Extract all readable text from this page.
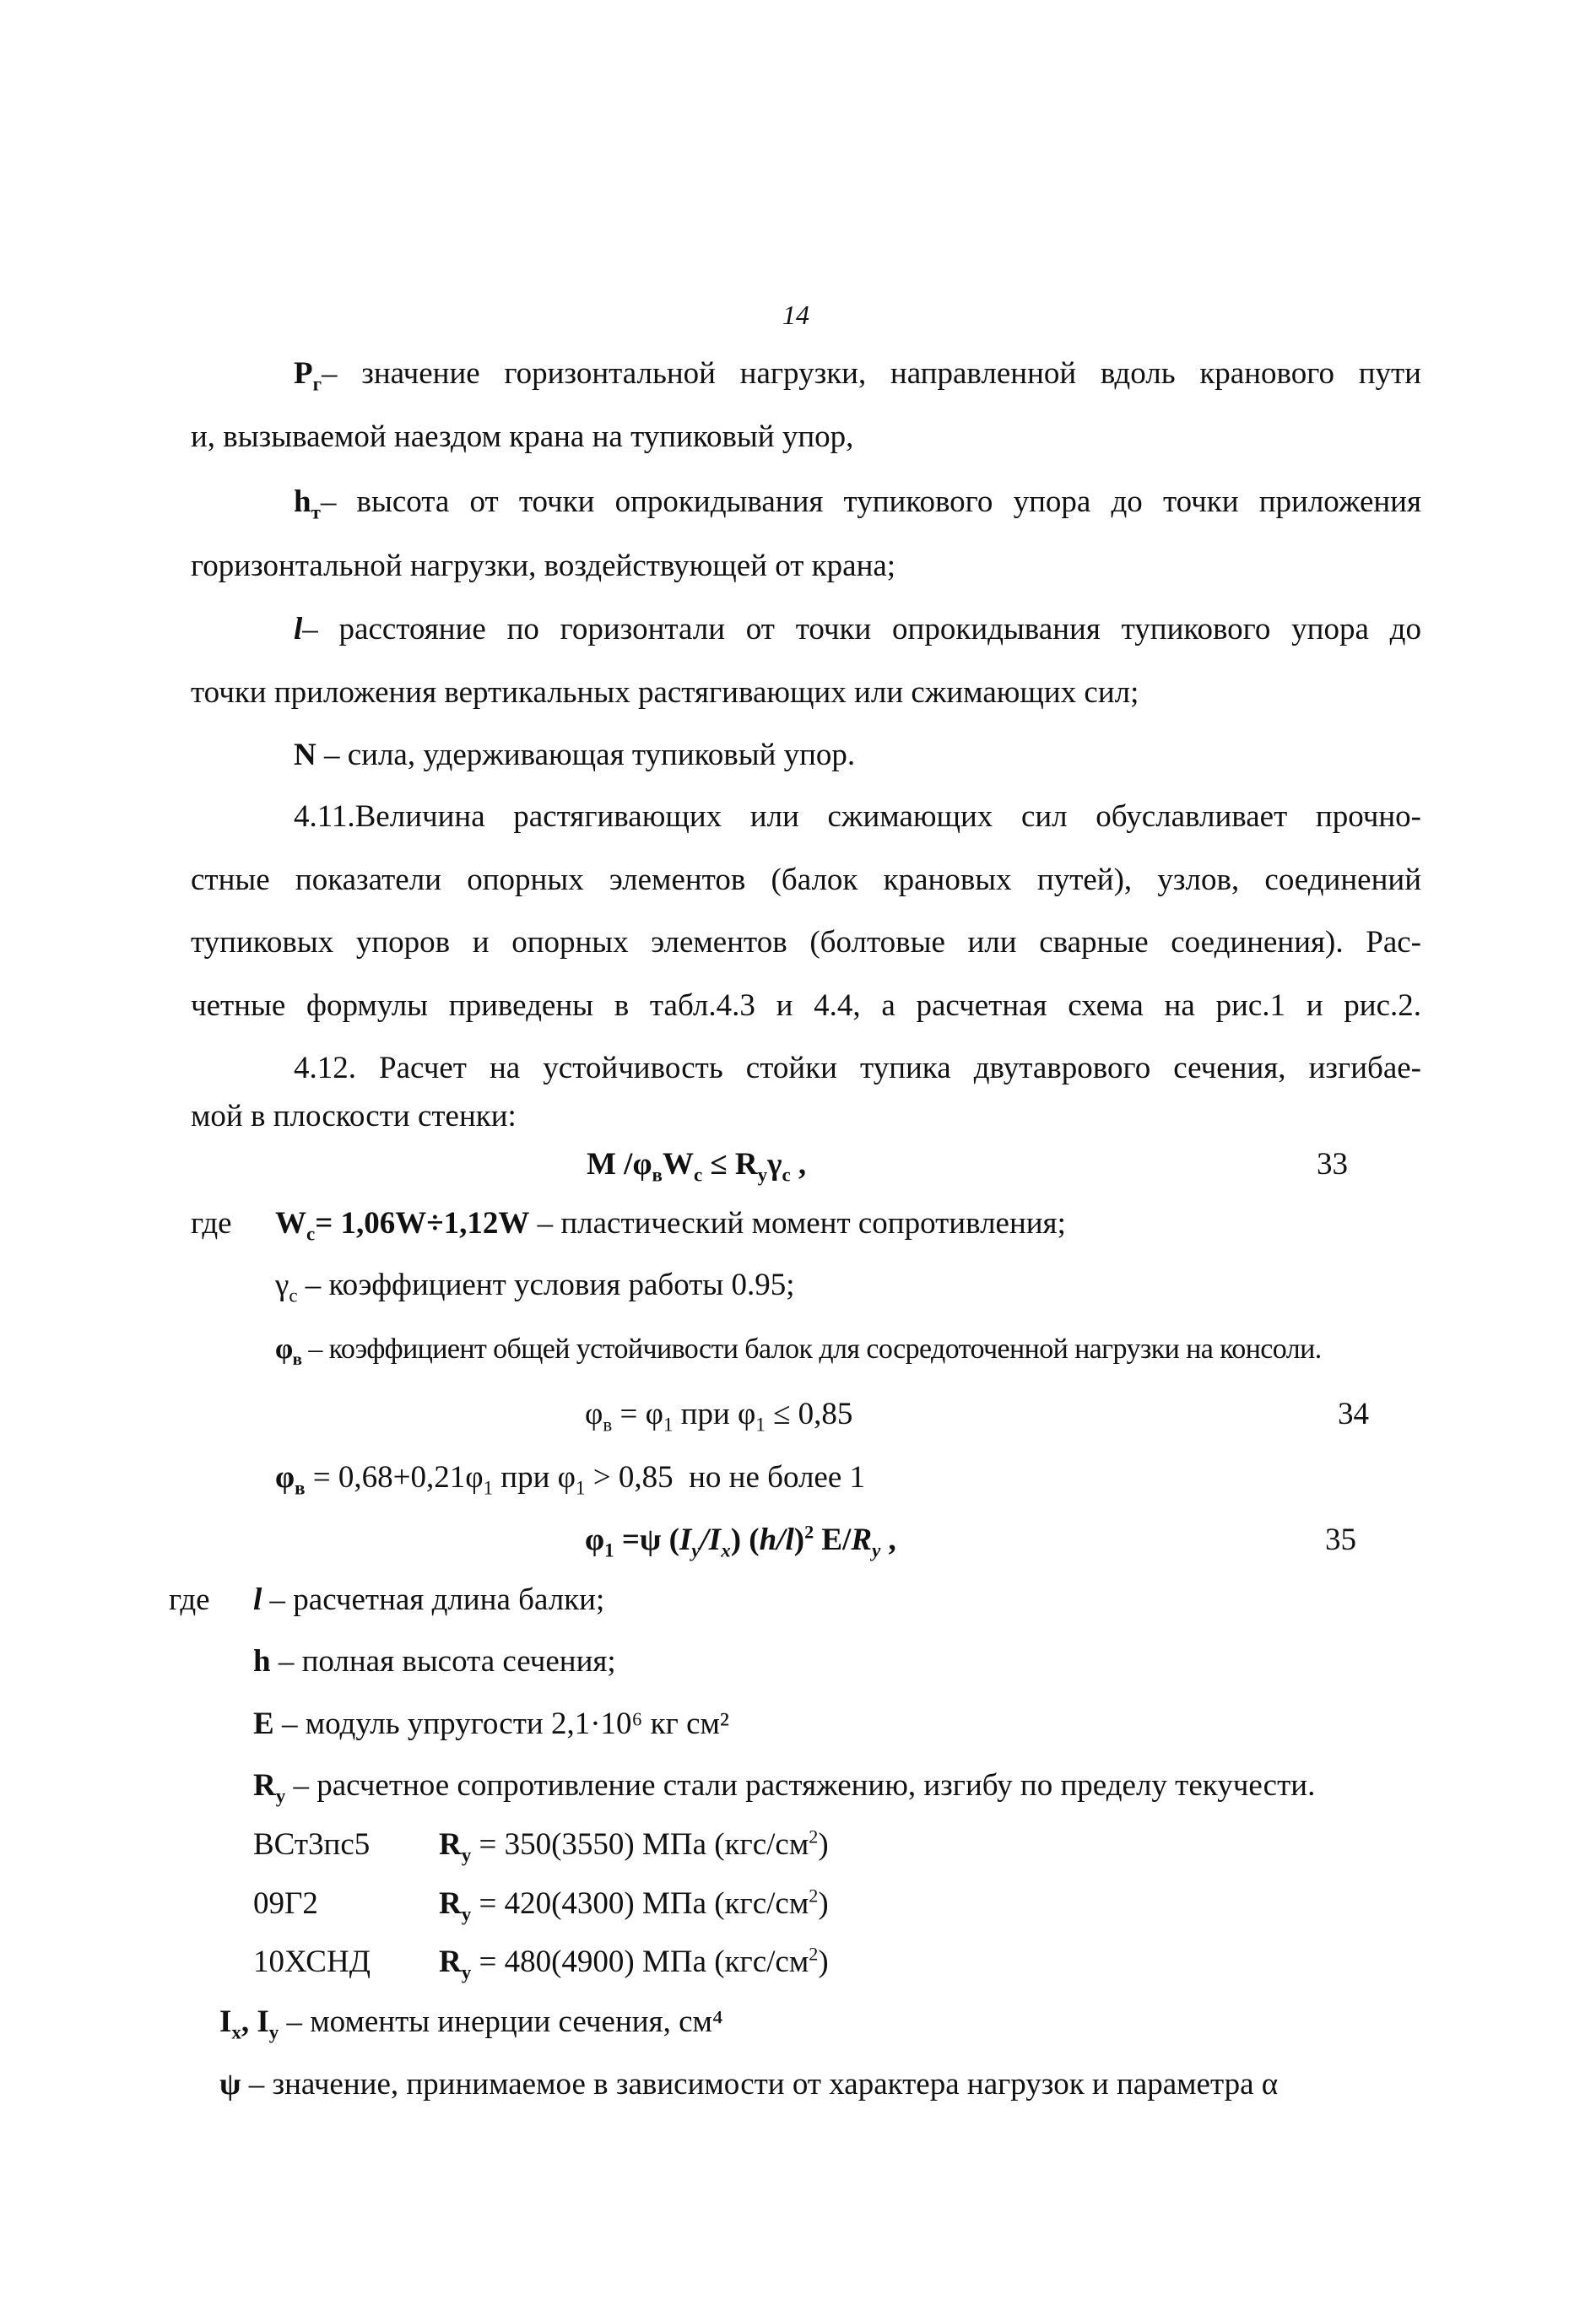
14
$P_г-$ значение горизонтальной нагрузки, направленной вдоль кранового пути
и, вызываемой наездом крана на тупиковый упор,
$h_т-$ высота от точки опрокидывания тупикового упора до точки приложения
горизонтальной нагрузки, воздействующей от крана;
l– расстояние по горизонтали от точки опрокидывания тупикового упора до
точки приложения вертикальных растягивающих или сжимающих сил;
N – сила, удерживающая тупиковый упор.
4.11.Величина растягивающих или сжимающих сил обуславливает прочно-
стные показатели опорных элементов (балок крановых путей), узлов, соединений
тупиковых упоров и опорных элементов (болтовые или сварные соединения). Рас-
четные формулы приведены в табл.4.3 и 4.4, а расчетная схема на рис.1 и рис.2.
4.12. Расчет на устойчивость стойки тупика двутаврового сечения, изгибае-
мой в плоскости стенки:
M $/\varphi_вW_c \le R_y\gamma_c$ ,	33
где $W_c= 1,06W\div 1,12W$ – пластический момент сопротивления;
$\gamma_c$ – коэффициент условия работы 0.95;
$\varphi_в$ – коэффициент общей устойчивости балок для сосредоточенной нагрузки на консоли.
$\varphi_в = \varphi_1$ при $\varphi_1 \le 0,85$	34
$\varphi_в = 0,68+0,21\varphi_1$ при $\varphi_1 > 0,85$  но не более 1
$\varphi_1 =\psi$ $(I_y/I_x)$ $(h/l)^2$ $E/R_y$ ,	35
где l – расчетная длина балки;
h – полная высота сечения;
E – модуль упругости 2,1·10⁶ кг см²
$R_y$ – расчетное сопротивление стали растяжению, изгибу по пределу текучести.
ВСт3пс5 $R_y = 350(3550)$ МПа $(кгс/см^2)$
09Г2	$R_y = 420(4300)$ МПа $(кгс/см^2)$
10ХСНД $R_y = 480(4900)$ МПа $(кгс/см^2)$
$I_x$, $I_y$ – моменты инерции сечения, см⁴
ψ – значение, принимаемое в зависимости от характера нагрузок и параметра α
